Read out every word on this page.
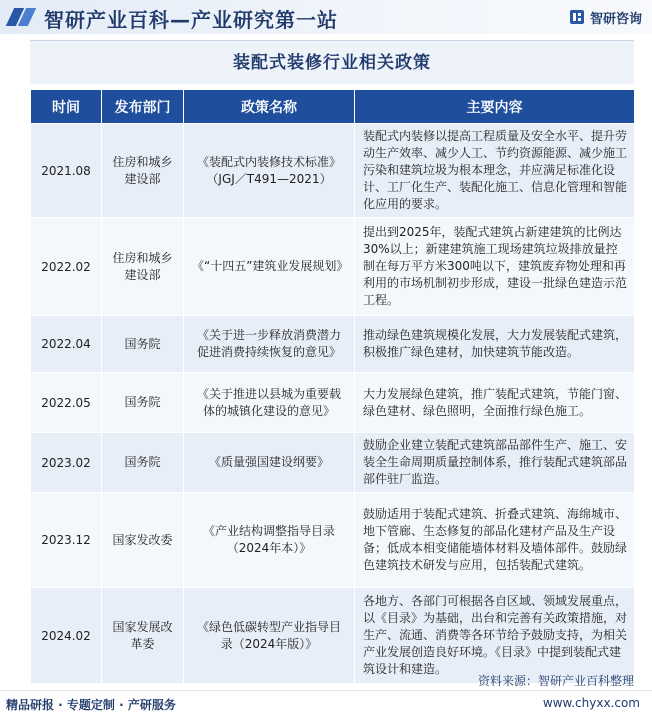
智研产业百科—产业研究第一站	智研咨询
装配式装修行业相关政策
时间	发布部门	政策名称	主要内容
2021.08	住房和城乡建设部	《装配式内装修技术标准》（JGJ／T491—2021）	装配式内装修以提高工程质量及安全水平、提升劳动生产效率、减少人工、节约资源能源、减少施工污染和建筑垃圾为根本理念，并应满足标准化设计、工厂化生产、装配化施工、信息化管理和智能化应用的要求。
2022.02	住房和城乡建设部	《“十四五”建筑业发展规划》	提出到2025年，装配式建筑占新建建筑的比例达30%以上；新建建筑施工现场建筑垃圾排放量控制在每万平方米300吨以下，建筑废弃物处理和再利用的市场机制初步形成，建设一批绿色建造示范工程。
2022.04	国务院	《关于进一步释放消费潜力促进消费持续恢复的意见》	推动绿色建筑规模化发展，大力发展装配式建筑，积极推广绿色建材，加快建筑节能改造。
2022.05	国务院	《关于推进以县城为重要载体的城镇化建设的意见》	大力发展绿色建筑，推广装配式建筑，节能门窗、绿色建材、绿色照明，全面推行绿色施工。
2023.02	国务院	《质量强国建设纲要》	鼓励企业建立装配式建筑部品部件生产、施工、安装全生命周期质量控制体系，推行装配式建筑部品部件驻厂监造。
2023.12	国家发改委	《产业结构调整指导目录（2024年本）》	鼓励适用于装配式建筑、折叠式建筑、海绵城市、地下管廊、生态修复的部品化建材产品及生产设备；低成本相变储能墙体材料及墙体部件。鼓励绿色建筑技术研发与应用，包括装配式建筑。
2024.02	国家发展改革委	《绿色低碳转型产业指导目录（2024年版）》	各地方、各部门可根据各自区域、领域发展重点，以《目录》为基础，出台和完善有关政策措施，对生产、流通、消费等各环节给予鼓励支持，为相关产业发展创造良好环境。《目录》中提到装配式建筑设计和建造。
资料来源：智研产业百科整理
精品研报 · 专题定制 · 产研服务	www.chyxx.com
